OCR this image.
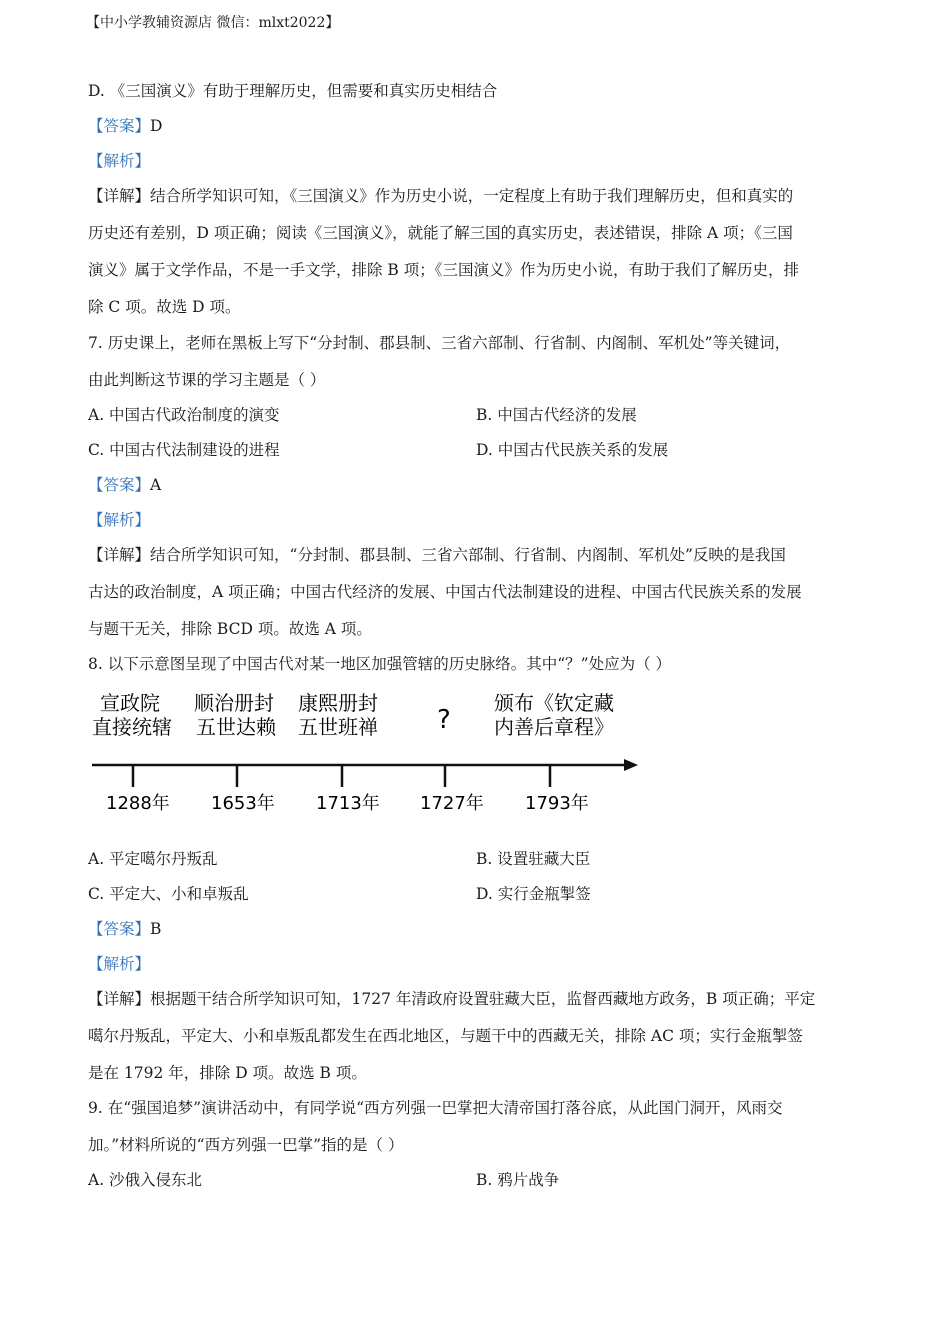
【中小学教辅资源店 微信：mlxt2022】
D. 《三国演义》有助于理解历史，但需要和真实历史相结合
【答案】D
【解析】
【详解】结合所学知识可知，《三国演义》作为历史小说，一定程度上有助于我们理解历史，但和真实的
历史还有差别，D 项正确；阅读《三国演义》，就能了解三国的真实历史，表述错误，排除 A 项；《三国
演义》属于文学作品，不是一手文学，排除 B 项；《三国演义》作为历史小说，有助于我们了解历史，排
除 C 项。故选 D 项。
7. 历史课上，老师在黑板上写下“分封制、郡县制、三省六部制、行省制、内阁制、军机处”等关键词，
由此判断这节课的学习主题是（ ）
A. 中国古代政治制度的演变	B. 中国古代经济的发展
C. 中国古代法制建设的进程	D. 中国古代民族关系的发展
【答案】A
【解析】
【详解】结合所学知识可知，“分封制、郡县制、三省六部制、行省制、内阁制、军机处”反映的是我国
古达的政治制度，A 项正确；中国古代经济的发展、中国古代法制建设的进程、中国古代民族关系的发展
与题干无关，排除 BCD 项。故选 A 项。
8. 以下示意图呈现了中国古代对某一地区加强管辖的历史脉络。其中“？”处应为（ ）
宣政院
直接统辖
顺治册封
五世达赖
康熙册封
五世班禅 ?
颁布《钦定藏
内善后章程》
1288年 1653年 1713年 1727年 1793年
A. 平定噶尔丹叛乱	B. 设置驻藏大臣
C. 平定大、小和卓叛乱	D. 实行金瓶掣签
【答案】B
【解析】
【详解】根据题干结合所学知识可知，1727 年清政府设置驻藏大臣，监督西藏地方政务，B 项正确；平定
噶尔丹叛乱，平定大、小和卓叛乱都发生在西北地区，与题干中的西藏无关，排除 AC 项；实行金瓶掣签
是在 1792 年，排除 D 项。故选 B 项。
9. 在“强国追梦”演讲活动中，有同学说“西方列强一巴掌把大清帝国打落谷底，从此国门洞开，风雨交
加。”材料所说的“西方列强一巴掌”指的是（ ）
A. 沙俄入侵东北	B. 鸦片战争
